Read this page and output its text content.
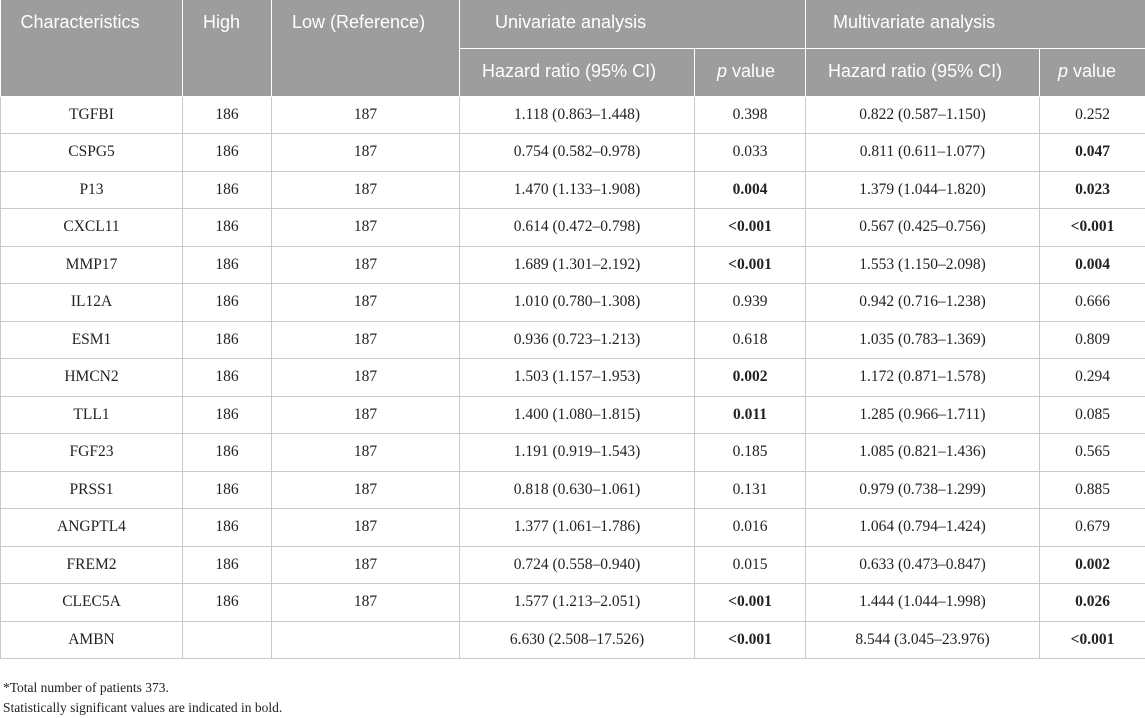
Characteristics	High	Low (Reference)	Univariate analysis		Multivariate analysis	
			Hazard ratio (95% CI)	p value	Hazard ratio (95% CI)	p value
TGFBI	186	187	1.118 (0.863–1.448)	0.398	0.822 (0.587–1.150)	0.252
CSPG5	186	187	0.754 (0.582–0.978)	0.033	0.811 (0.611–1.077)	0.047
P13	186	187	1.470 (1.133–1.908)	0.004	1.379 (1.044–1.820)	0.023
CXCL11	186	187	0.614 (0.472–0.798)	<0.001	0.567 (0.425–0.756)	<0.001
MMP17	186	187	1.689 (1.301–2.192)	<0.001	1.553 (1.150–2.098)	0.004
IL12A	186	187	1.010 (0.780–1.308)	0.939	0.942 (0.716–1.238)	0.666
ESM1	186	187	0.936 (0.723–1.213)	0.618	1.035 (0.783–1.369)	0.809
HMCN2	186	187	1.503 (1.157–1.953)	0.002	1.172 (0.871–1.578)	0.294
TLL1	186	187	1.400 (1.080–1.815)	0.011	1.285 (0.966–1.711)	0.085
FGF23	186	187	1.191 (0.919–1.543)	0.185	1.085 (0.821–1.436)	0.565
PRSS1	186	187	0.818 (0.630–1.061)	0.131	0.979 (0.738–1.299)	0.885
ANGPTL4	186	187	1.377 (1.061–1.786)	0.016	1.064 (0.794–1.424)	0.679
FREM2	186	187	0.724 (0.558–0.940)	0.015	0.633 (0.473–0.847)	0.002
CLEC5A	186	187	1.577 (1.213–2.051)	<0.001	1.444 (1.044–1.998)	0.026
AMBN			6.630 (2.508–17.526)	<0.001	8.544 (3.045–23.976)	<0.001
*Total number of patients 373.
Statistically significant values are indicated in bold.
